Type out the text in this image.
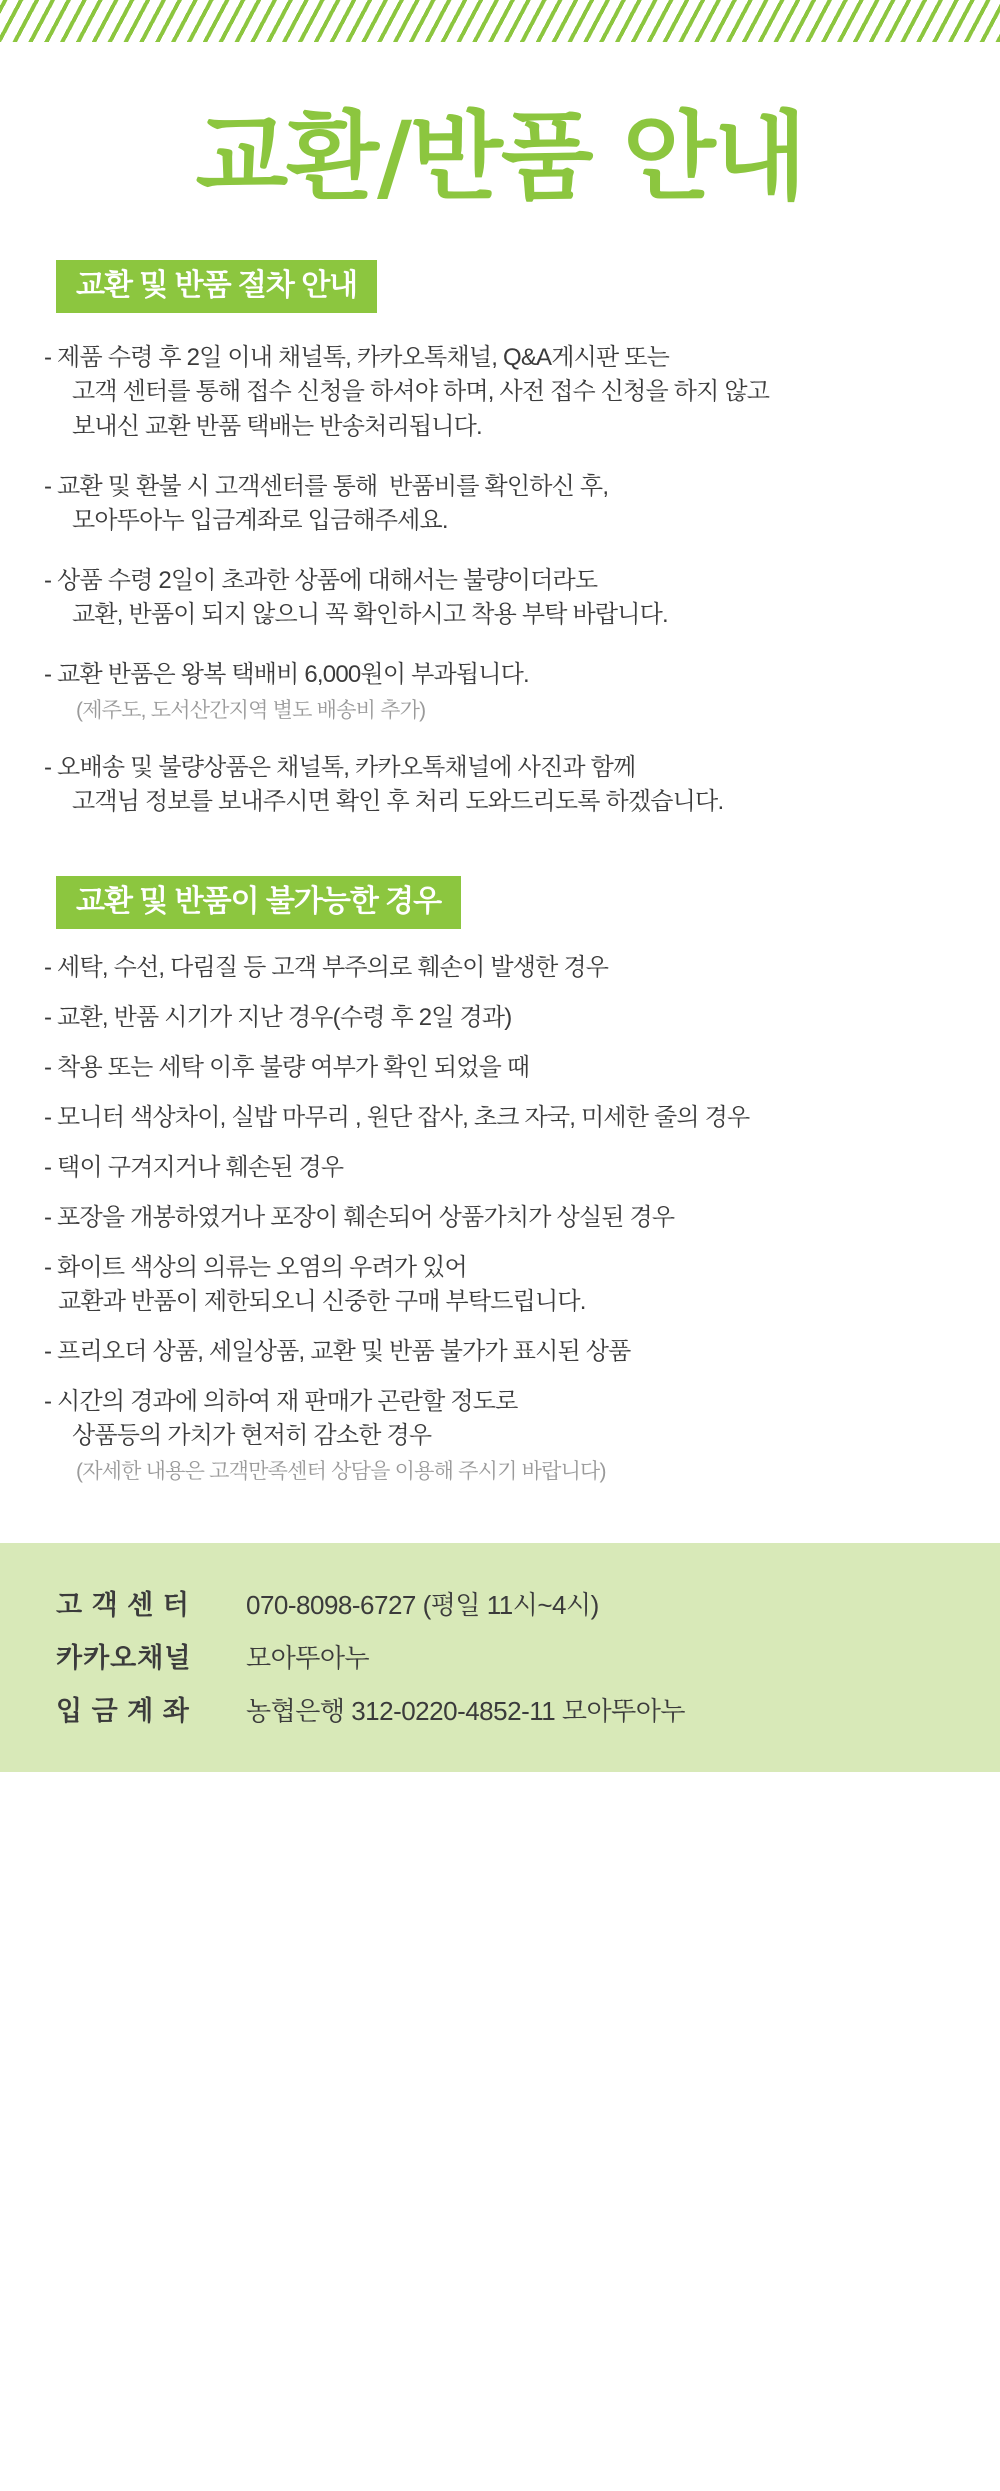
교환/반품 안내
교환 및 반품 절차 안내

- 제품 수령 후 2일 이내 채널톡, 카카오톡채널, Q&A게시판 또는

고객 센터를 통해 접수 신청을 하셔야 하며, 사전 접수 신청을 하지 않고

보내신 교환 반품 택배는 반송처리됩니다.

- 교환 및 환불 시 고객센터를 통해  반품비를 확인하신 후,

모아뚜아누 입금계좌로 입금해주세요.

- 상품 수령 2일이 초과한 상품에 대해서는 불량이더라도

교환, 반품이 되지 않으니 꼭 확인하시고 착용 부탁 바랍니다.

- 교환 반품은 왕복 택배비 6,000원이 부과됩니다.

(제주도, 도서산간지역 별도 배송비 추가)

- 오배송 및 불량상품은 채널톡, 카카오톡채널에 사진과 함께

고객님 정보를 보내주시면 확인 후 처리 도와드리도록 하겠습니다.

교환 및 반품이 불가능한 경우

- 세탁, 수선, 다림질 등 고객 부주의로 훼손이 발생한 경우

- 교환, 반품 시기가 지난 경우(수령 후 2일 경과)

- 착용 또는 세탁 이후 불량 여부가 확인 되었을 때

- 모니터 색상차이, 실밥 마무리 , 원단 잡사, 초크 자국, 미세한 줄의 경우

- 택이 구겨지거나 훼손된 경우

- 포장을 개봉하였거나 포장이 훼손되어 상품가치가 상실된 경우

- 화이트 색상의 의류는 오염의 우려가 있어

교환과 반품이 제한되오니 신중한 구매 부탁드립니다.

- 프리오더 상품, 세일상품, 교환 및 반품 불가가 표시된 상품

- 시간의 경과에 의하여 재 판매가 곤란할 정도로

상품등의 가치가 현저히 감소한 경우

(자세한 내용은 고객만족센터 상담을 이용해 주시기 바랍니다)

고 객 센 터	070-8098-6727 (평일 11시~4시)
카카오채널	모아뚜아누
입 금 계 좌	농협은행 312-0220-4852-11 모아뚜아누
